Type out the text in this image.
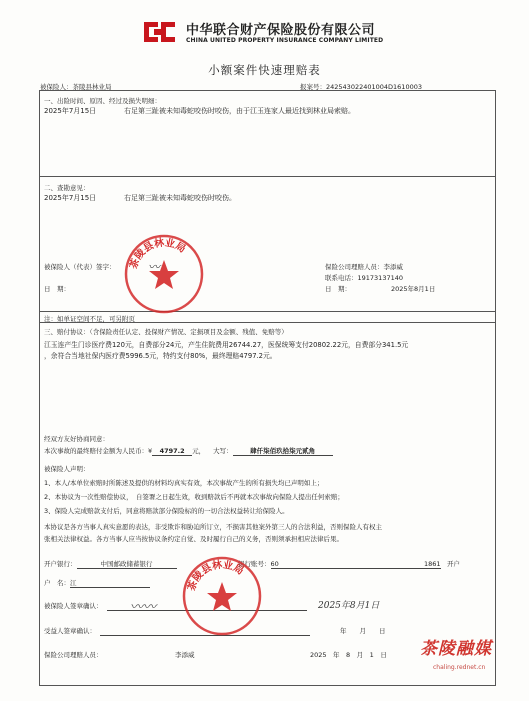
中华联合财产保险股份有限公司
CHINA UNITED PROPERTY INSURANCE COMPANY LIMITED
小额案件快速理赔表
被保险人：茶陵县林业局	报案号：242543022401004D1610003
一、出险时间、原因、经过及损失明细：
2025年7月15日	右足第三趾被未知毒蛇咬伤时咬伤，由于江玉连家人最近找到林业局索赔。
二、查勘意见：
2025年7月15日	右足第三趾被未知毒蛇咬伤时咬伤。
被保险人（代表）签字：
日　期：
保险公司理赔人员：李添威
联系电话：19173137140
日　期：	2025年8月1日
茶陵县林业局
〰
注：如单证空间不足，可另附页
三、赔付协议：（含保险责任认定、投保财产情况、定损项目及金额、残值、免赔等）
江玉连产生门诊医疗费120元，自费部分24元，产生住院费用26744.27，医保统筹支付20802.22元，自费部分341.5元
，余符合当地社保内医疗费5996.5元，特约支付80%，最终理赔4797.2元。
经双方友好协商同意：
本次事故的最终赔付金额为人民币：¥ 4797.2 元， 大写：	肆仟柒佰玖拾柒元贰角
被保险人声明：
1、本人/本单位索赔时所陈述及提供的材料均真实有效，本次事故产生的所有损失均已声明如上；
2、本协议为一次性赔偿协议，　自签署之日起生效，收到赔款后不再就本次事故向保险人提出任何索赔；
3、保险人完成赔款支付后，同意将赔款部分保险标的的一切合法权益转让给保险人。
本协议是各方当事人真实意愿的表达，非受欺诈和胁迫所订立，不损害其他案外第三人的合法利益，否则保险人有权主
张相关法律权益。各方当事人应当按协议条约定自觉、及时履行自己的义务，否则须承担相应法律后果。
开户银行：	中国邮政储蓄银行	银行账号：60	1861 开户
户　名：江
被保险人签章确认：	2025年8月1日
受益人签章确认：	年　　月　　日
保险公司理赔人员：	李添威	2025　年　8　月　1　日
茶陵县林业局
〰〰
茶陵融媒
chaling.rednet.cn
